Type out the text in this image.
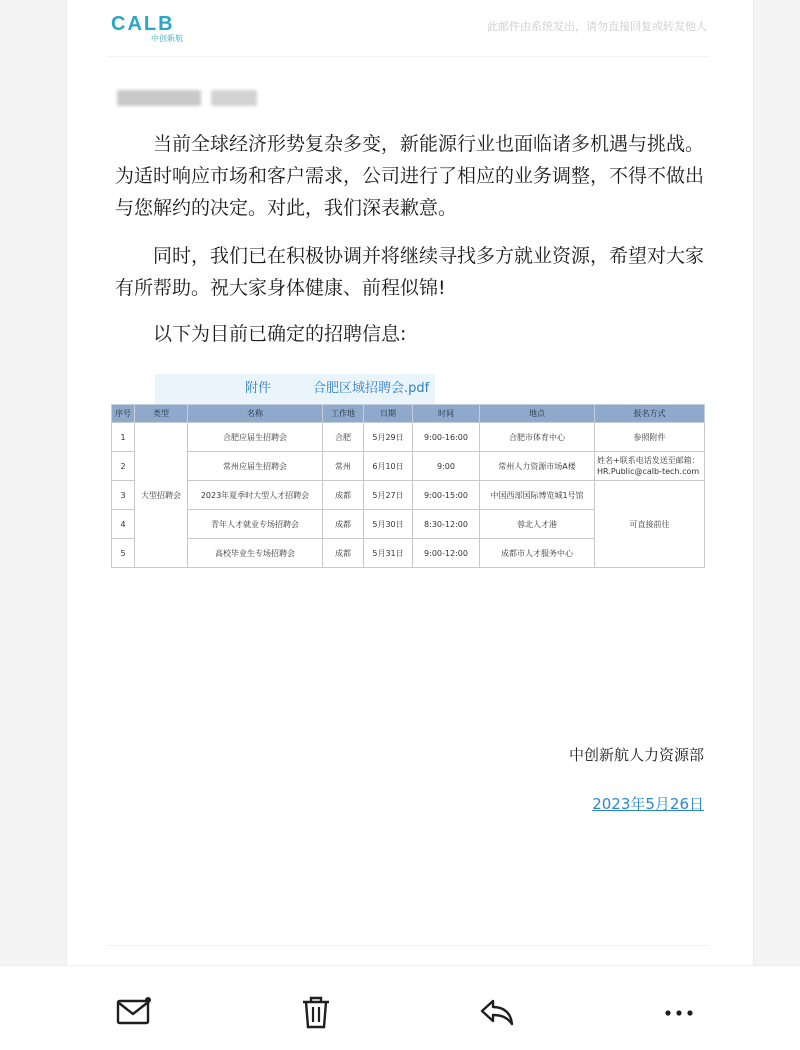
CALB
中创新航
此邮件由系统发出，请勿直接回复或转发他人

当前全球经济形势复杂多变，新能源行业也面临诸多机遇与挑战。为适时响应市场和客户需求，公司进行了相应的业务调整，不得不做出与您解约的决定。对此，我们深表歉意。

同时，我们已在积极协调并将继续寻找多方就业资源，希望对大家有所帮助。祝大家身体健康、前程似锦!

以下为目前已确定的招聘信息:

附件	合肥区域招聘会.pdf
序号	类型	名称	工作地	日期	时间	地点	报名方式
1	大型招聘会	合肥应届生招聘会	合肥	5月29日	9:00-16:00	合肥市体育中心	参照附件
2		常州应届生招聘会	常州	6月10日	9:00	常州人力资源市场A楼	姓名+联系电话发送至邮箱：HR.Public@calb-tech.com
3		2023年夏季时大型人才招聘会	成都	5月27日	9:00-15:00	中国西部国际博览城1号馆	可直接前往
4		青年人才就业专场招聘会	成都	5月30日	8:30-12:00	蓉北人才港	
5		高校毕业生专场招聘会	成都	5月31日	9:00-12:00	成都市人才服务中心	
中创新航人力资源部
2023年5月26日
